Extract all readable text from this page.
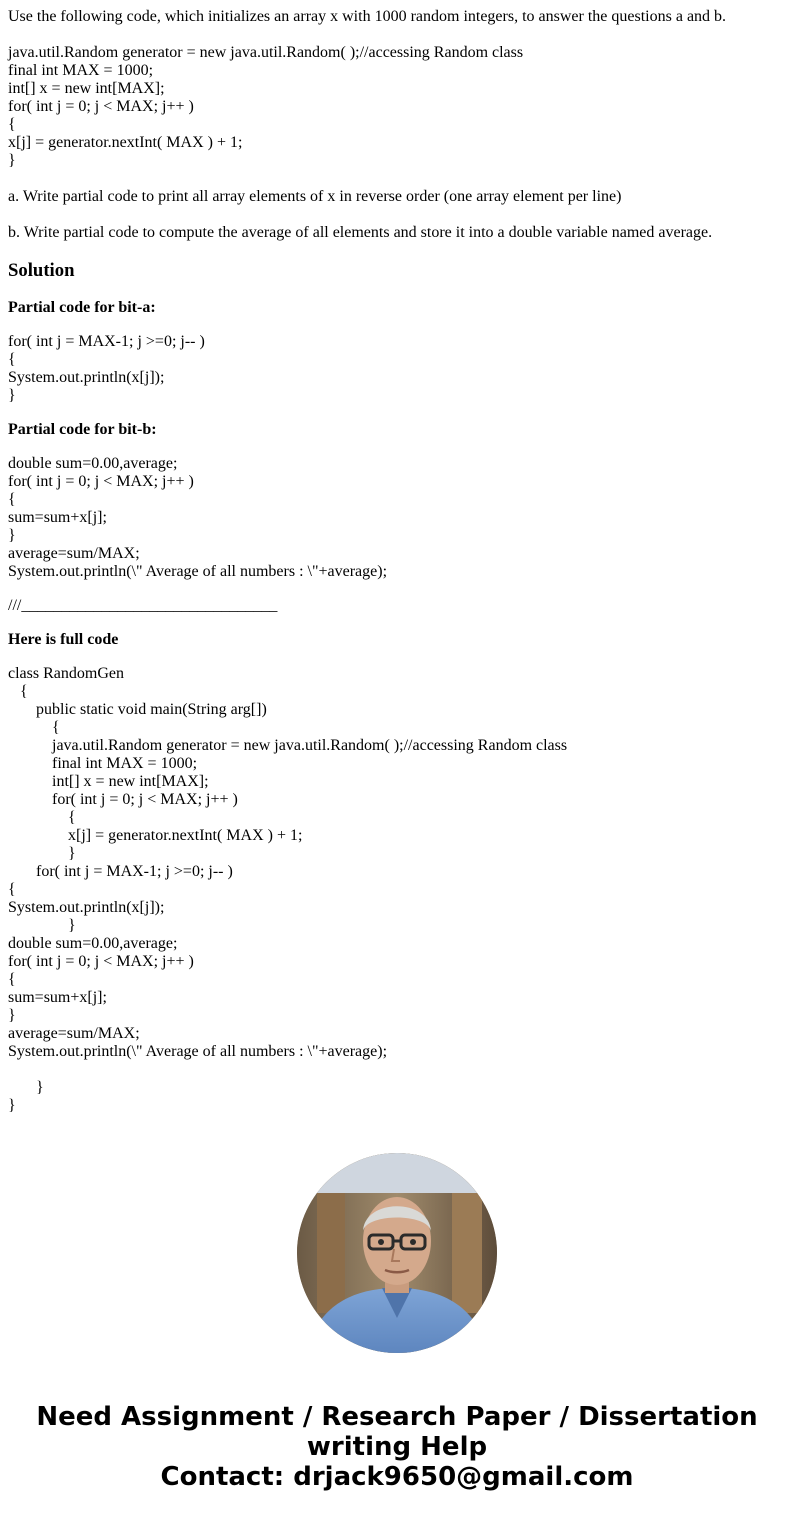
Use the following code, which initializes an array x with 1000 random integers, to answer the questions a and b.

java.util.Random generator = new java.util.Random( );//accessing Random class
final int MAX = 1000;
int[] x = new int[MAX];
for( int j = 0; j < MAX; j++ )
{
x[j] = generator.nextInt( MAX ) + 1;
}

a. Write partial code to print all array elements of x in reverse order (one array element per line)

b. Write partial code to compute the average of all elements and store it into a double variable named average.

Solution

Partial code for bit-a:

for( int j = MAX-1; j >=0; j-- )
{
System.out.println(x[j]);
}

Partial code for bit-b:

double sum=0.00,average;
for( int j = 0; j < MAX; j++ )
{
sum=sum+x[j];
}
average=sum/MAX;
System.out.println(\" Average of all numbers : \"+average);

///________________________________

Here is full code

class RandomGen
{
public static void main(String arg[])
{
java.util.Random generator = new java.util.Random( );//accessing Random class
final int MAX = 1000;
int[] x = new int[MAX];
for( int j = 0; j < MAX; j++ )
{
x[j] = generator.nextInt( MAX ) + 1;
}
for( int j = MAX-1; j >=0; j-- )
{
System.out.println(x[j]);
}
double sum=0.00,average;
for( int j = 0; j < MAX; j++ )
{
sum=sum+x[j];
}
average=sum/MAX;
System.out.println(\" Average of all numbers : \"+average);
}
}
Need Assignment / Research Paper / Dissertation
writing Help
Contact: drjack9650@gmail.com
